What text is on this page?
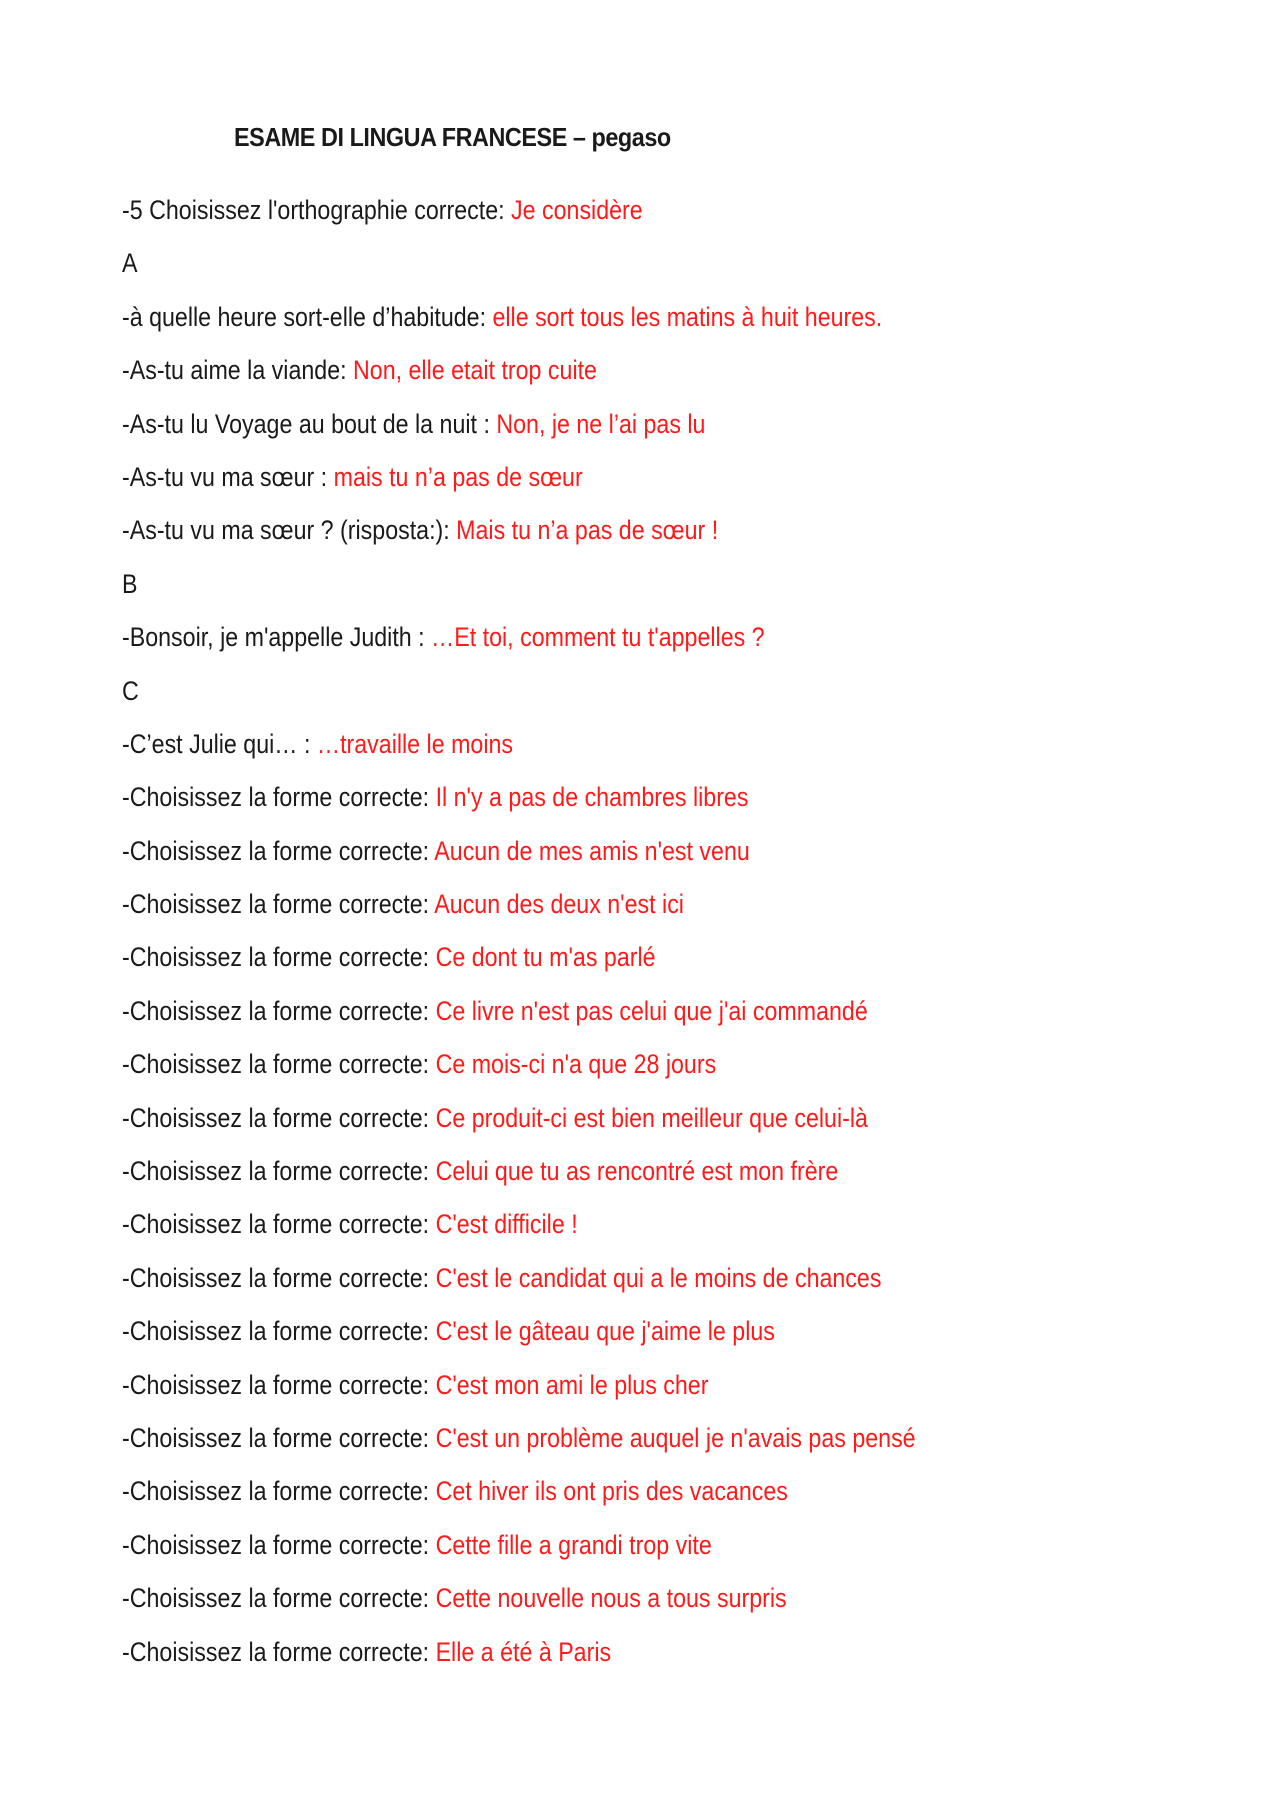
ESAME DI LINGUA FRANCESE – pegaso
-5 Choisissez l'orthographie correcte: Je considère
A
-à quelle heure sort-elle d’habitude: elle sort tous les matins à huit heures.
-As-tu aime la viande: Non, elle etait trop cuite
-As-tu lu Voyage au bout de la nuit : Non, je ne l’ai pas lu
-As-tu vu ma sœur : mais tu n’a pas de sœur
-As-tu vu ma sœur ? (risposta:): Mais tu n’a pas de sœur !
B
-Bonsoir, je m'appelle Judith : …Et toi, comment tu t'appelles ?
C
-C’est Julie qui… : …travaille le moins
-Choisissez la forme correcte: Il n'y a pas de chambres libres
-Choisissez la forme correcte: Aucun de mes amis n'est venu
-Choisissez la forme correcte: Aucun des deux n'est ici
-Choisissez la forme correcte: Ce dont tu m'as parlé
-Choisissez la forme correcte: Ce livre n'est pas celui que j'ai commandé
-Choisissez la forme correcte: Ce mois-ci n'a que 28 jours
-Choisissez la forme correcte: Ce produit-ci est bien meilleur que celui-là
-Choisissez la forme correcte: Celui que tu as rencontré est mon frère
-Choisissez la forme correcte: C'est difficile !
-Choisissez la forme correcte: C'est le candidat qui a le moins de chances
-Choisissez la forme correcte: C'est le gâteau que j'aime le plus
-Choisissez la forme correcte: C'est mon ami le plus cher
-Choisissez la forme correcte: C'est un problème auquel je n'avais pas pensé
-Choisissez la forme correcte: Cet hiver ils ont pris des vacances
-Choisissez la forme correcte: Cette fille a grandi trop vite
-Choisissez la forme correcte: Cette nouvelle nous a tous surpris
-Choisissez la forme correcte: Elle a été à Paris
